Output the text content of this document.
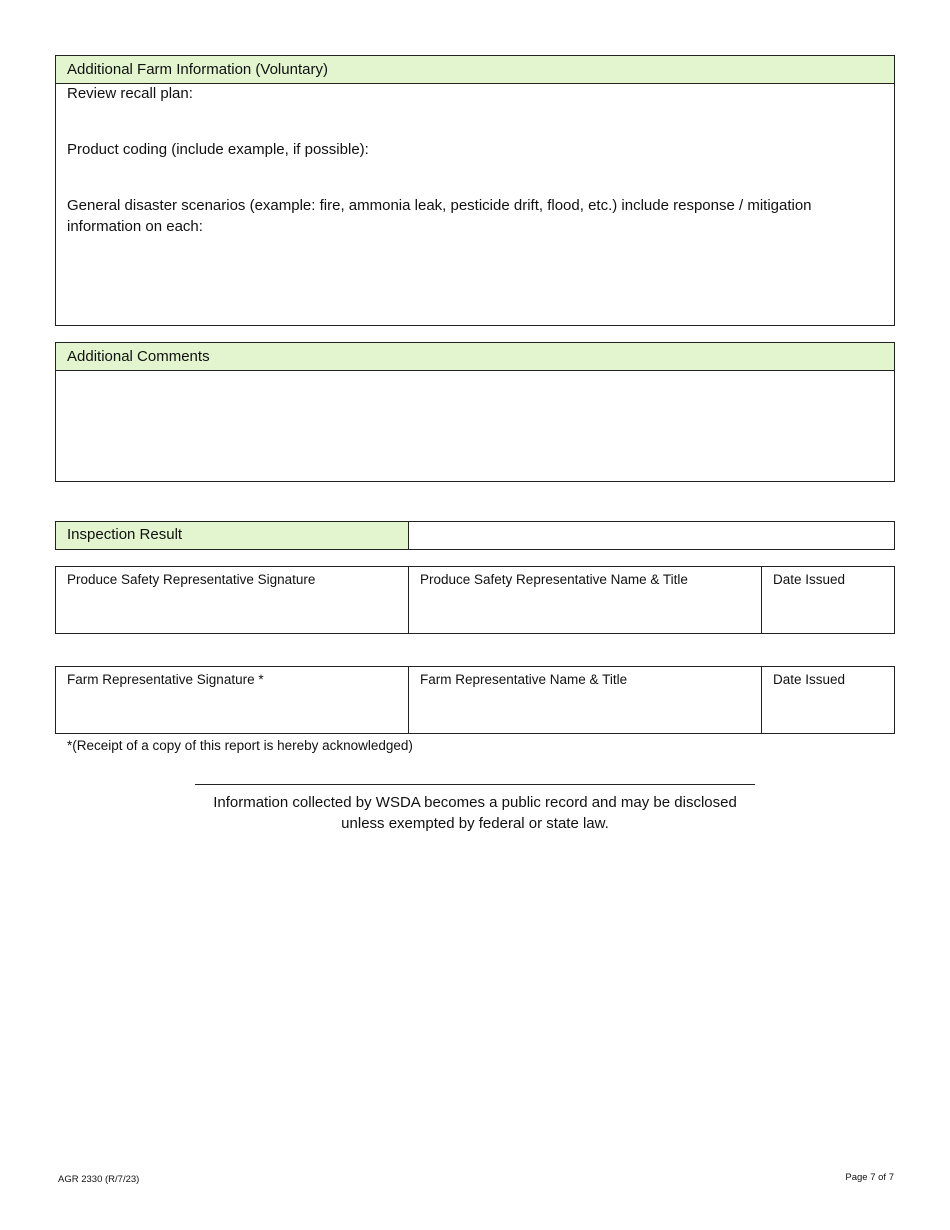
Additional Farm Information (Voluntary)
Review recall plan:
Product coding (include example, if possible):
General disaster scenarios (example: fire, ammonia leak, pesticide drift, flood, etc.) include response / mitigation information on each:
Additional Comments
Inspection Result
Produce Safety Representative Signature	Produce Safety Representative Name & Title	Date Issued
Farm Representative Signature *	Farm Representative Name & Title	Date Issued
*(Receipt of a copy of this report is hereby acknowledged)
Information collected by WSDA becomes a public record and may be disclosed unless exempted by federal or state law.
AGR 2330 (R/7/23)	Page 7 of 7
